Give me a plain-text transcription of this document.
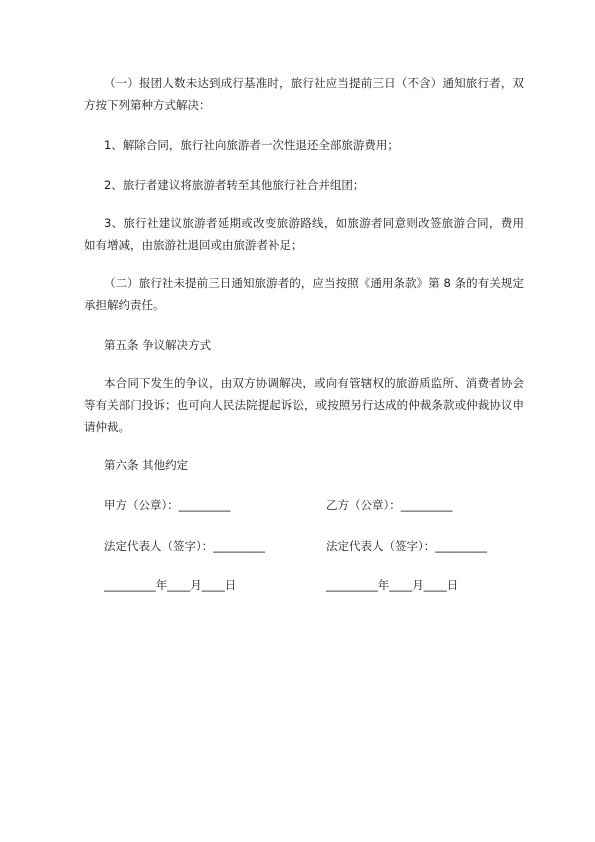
（一）报团人数未达到成行基准时，旅行社应当提前三日（不含）通知旅行者，双方按下列第种方式解决：

1、解除合同，旅行社向旅游者一次性退还全部旅游费用；

2、旅行者建议将旅游者转至其他旅行社合并组团；

3、旅行社建议旅游者延期或改变旅游路线，如旅游者同意则改签旅游合同，费用如有增减，由旅游社退回或由旅游者补足；

（二）旅行社未提前三日通知旅游者的，应当按照《通用条款》第 8 条的有关规定承担解约责任。

第五条 争议解决方式

本合同下发生的争议，由双方协调解决，或向有管辖权的旅游质监所、消费者协会等有关部门投诉；也可向人民法院提起诉讼，或按照另行达成的仲裁条款或仲裁协议申请仲裁。

第六条 其他约定

甲方（公章）：_________	乙方（公章）：_________

法定代表人（签字）：_________	法定代表人（签字）：_________

_________年____月____日	_________年____月____日
